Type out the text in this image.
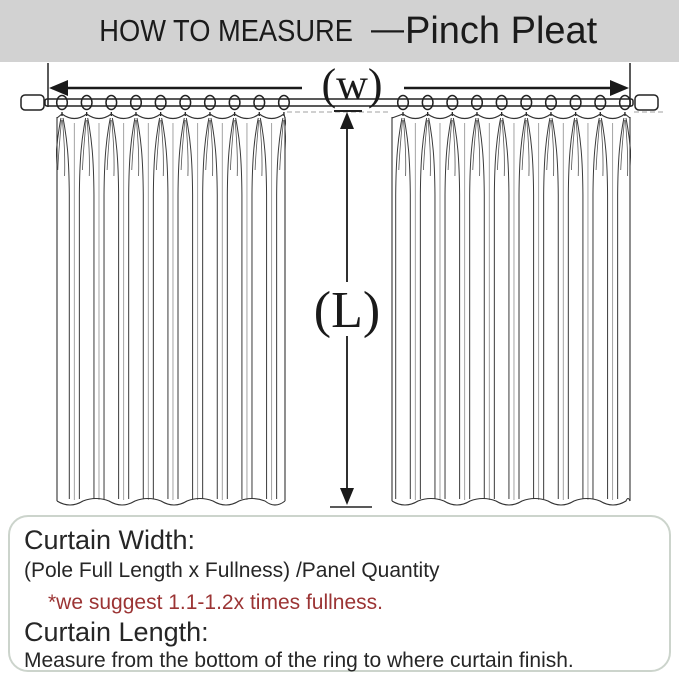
HOW TO MEASURE — Pinch Pleat
(w)
(L)
Curtain Width:
(Pole Full Length x Fullness) /Panel Quantity
*we suggest 1.1-1.2x times fullness.
Curtain Length:
Measure from the bottom of the ring to where curtain finish.
